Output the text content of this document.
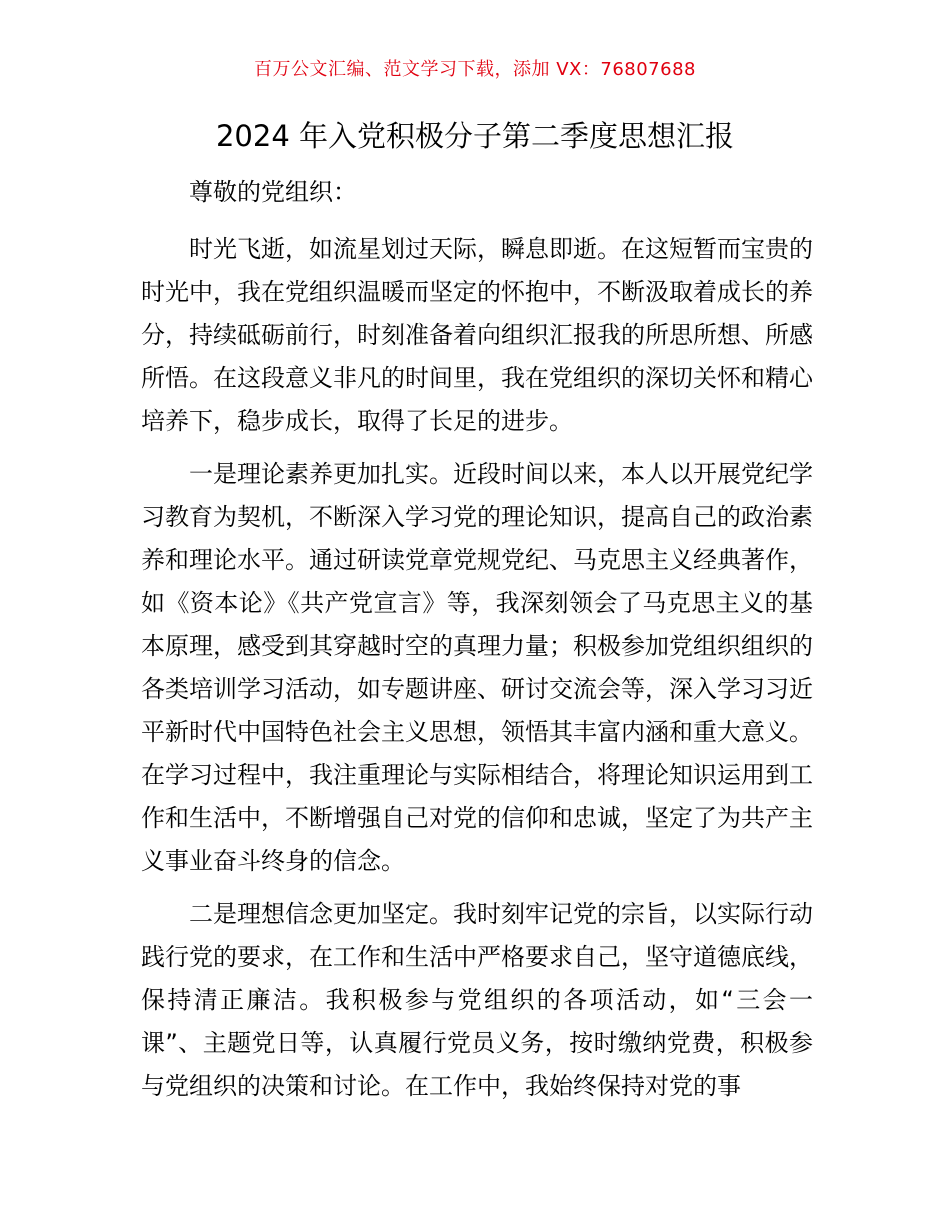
百万公文汇编、范文学习下载，添加 VX：76807688
2024 年入党积极分子第二季度思想汇报

尊敬的党组织：

时光飞逝，如流星划过天际，瞬息即逝。在这短暂而宝贵的时光中，我在党组织温暖而坚定的怀抱中，不断汲取着成长的养分，持续砥砺前行，时刻准备着向组织汇报我的所思所想、所感所悟。在这段意义非凡的时间里，我在党组织的深切关怀和精心培养下，稳步成长，取得了长足的进步。

一是理论素养更加扎实。近段时间以来，本人以开展党纪学习教育为契机，不断深入学习党的理论知识，提高自己的政治素养和理论水平。通过研读党章党规党纪、马克思主义经典著作，如《资本论》《共产党宣言》等，我深刻领会了马克思主义的基本原理，感受到其穿越时空的真理力量；积极参加党组织组织的各类培训学习活动，如专题讲座、研讨交流会等，深入学习习近平新时代中国特色社会主义思想，领悟其丰富内涵和重大意义。在学习过程中，我注重理论与实际相结合，将理论知识运用到工作和生活中，不断增强自己对党的信仰和忠诚，坚定了为共产主义事业奋斗终身的信念。

二是理想信念更加坚定。我时刻牢记党的宗旨，以实际行动践行党的要求，在工作和生活中严格要求自己，坚守道德底线，保持清正廉洁。我积极参与党组织的各项活动，如“三会一课”、主题党日等，认真履行党员义务，按时缴纳党费，积极参与党组织的决策和讨论。在工作中，我始终保持对党的事
